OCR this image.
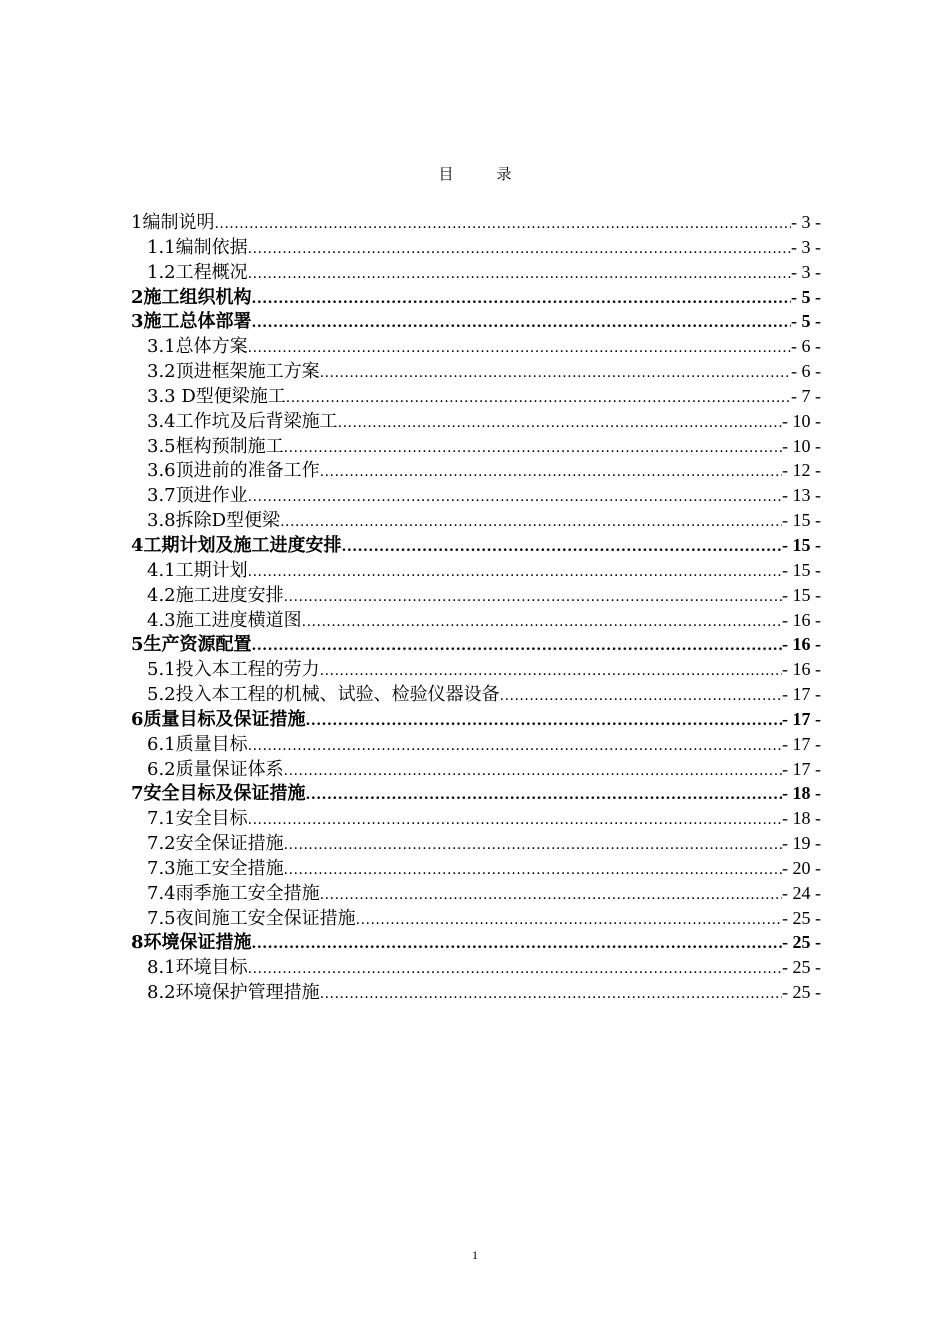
目　录
1编制说明 .....	- 3 -
1.1编制依据 .....	- 3 -
1.2工程概况 .....	- 3 -
2施工组织机构 .....	- 5 -
3施工总体部署 .....	- 5 -
3.1总体方案 .....	- 6 -
3.2顶进框架施工方案 .....	- 6 -
3.3 D型便梁施工 .....	- 7 -
3.4工作坑及后背梁施工 .....	- 10 -
3.5框构预制施工 .....	- 10 -
3.6顶进前的准备工作 .....	- 12 -
3.7顶进作业 .....	- 13 -
3.8拆除D型便梁 .....	- 15 -
4工期计划及施工进度安排 .....	- 15 -
4.1工期计划 .....	- 15 -
4.2施工进度安排 .....	- 15 -
4.3施工进度横道图 .....	- 16 -
5生产资源配置 .....	- 16 -
5.1投入本工程的劳力 .....	- 16 -
5.2投入本工程的机械、试验、检验仪器设备 .....	- 17 -
6质量目标及保证措施 .....	- 17 -
6.1质量目标 .....	- 17 -
6.2质量保证体系 .....	- 17 -
7安全目标及保证措施 .....	- 18 -
7.1安全目标 .....	- 18 -
7.2安全保证措施 .....	- 19 -
7.3施工安全措施 .....	- 20 -
7.4雨季施工安全措施 .....	- 24 -
7.5夜间施工安全保证措施 .....	- 25 -
8环境保证措施 .....	- 25 -
8.1环境目标 .....	- 25 -
8.2环境保护管理措施 .....	- 25 -
1
